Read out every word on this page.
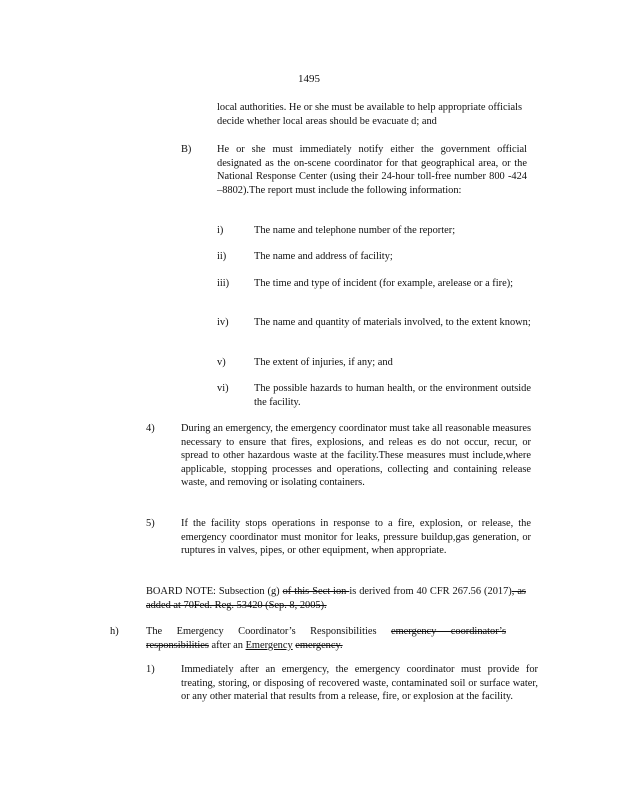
1495
local authorities. He or she must be available to help appropriate officials decide whether local areas should be evacuate d; and
B) He or she must immediately notify either the government official designated as the on-scene coordinator for that geographical area, or the National Response Center (using their 24-hour toll-free number 800 -424 –8802).The report must include the following information:
i)	The name and telephone number of the reporter;
ii)	The name and address of facility;
iii) The time and type of incident (for example, arelease or a fire);
iv) The name and quantity of materials involved, to the extent known;
v)	The extent of injuries, if any; and
vi) The possible hazards to human health, or the environment outside the facility.
4)	During an emergency, the emergency coordinator must take all reasonable measures necessary to ensure that fires, explosions, and releas es do not occur, recur, or spread to other hazardous waste at the facility.These measures must include,where applicable, stopping processes and operations, collecting and containing release waste, and removing or isolating containers.
5)	If the facility stops operations in response to a fire, explosion, or release, the emergency coordinator must monitor for leaks, pressure buildup,gas generation, or ruptures in valves, pipes, or other equipment, when appropriate.
BOARD NOTE: Subsection (g) of this Sect ion is derived from 40 CFR 267.56 (2017), as added at 70Fed. Reg. 53420 (Sep. 8, 2005).
h)	The Emergency Coordinator’s Responsibilities emergency coordinator’s responsibilities after an Emergency emergency.
1)	Immediately after an emergency, the emergency coordinator must provide for treating, storing, or disposing of recovered waste, contaminated soil or surface water, or any other material that results from a release, fire, or explosion at the facility.
